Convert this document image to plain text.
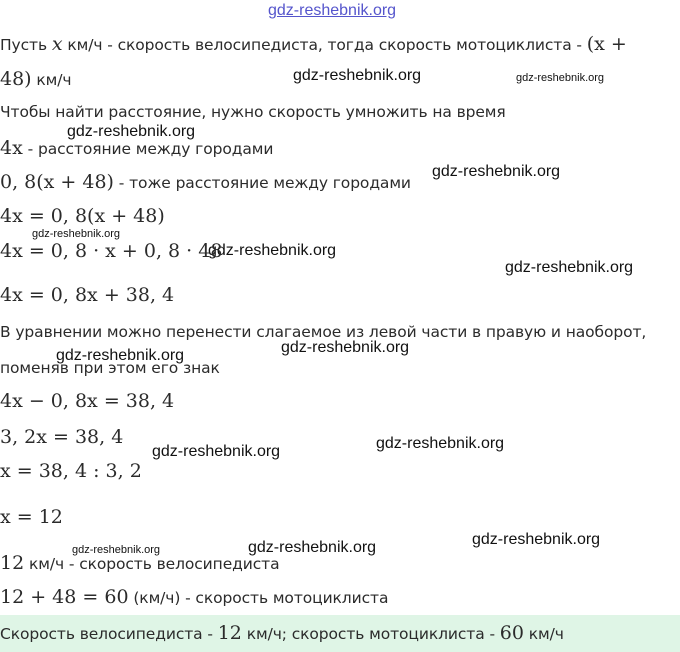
gdz-reshebnik.org
gdz-reshebnik.org	gdz-reshebnik.org
gdz-reshebnik.org
gdz-reshebnik.org
gdz-reshebnik.org
gdz-reshebnik.org
gdz-reshebnik.org
gdz-reshebnik.org
gdz-reshebnik.org
gdz-reshebnik.org
gdz-reshebnik.org
gdz-reshebnik.org
gdz-reshebnik.org
gdz-reshebnik.org
Пусть x км/ч - скорость велосипедиста, тогда скорость мотоциклиста - (x +
48) км/ч
Чтобы найти расстояние, нужно скорость умножить на время
4x - расстояние между городами
0, 8(x + 48) - тоже расстояние между городами
4x = 0, 8(x + 48)
4x = 0, 8 · x + 0, 8 · 48
4x = 0, 8x + 38, 4
В уравнении можно перенести слагаемое из левой части в правую и наоборот,
поменяв при этом его знак
4x − 0, 8x = 38, 4
3, 2x = 38, 4
x = 38, 4 : 3, 2
x = 12
12 км/ч - скорость велосипедиста
12 + 48 = 60 (км/ч) - скорость мотоциклиста
Скорость велосипедиста - 12 км/ч; скорость мотоциклиста - 60 км/ч
